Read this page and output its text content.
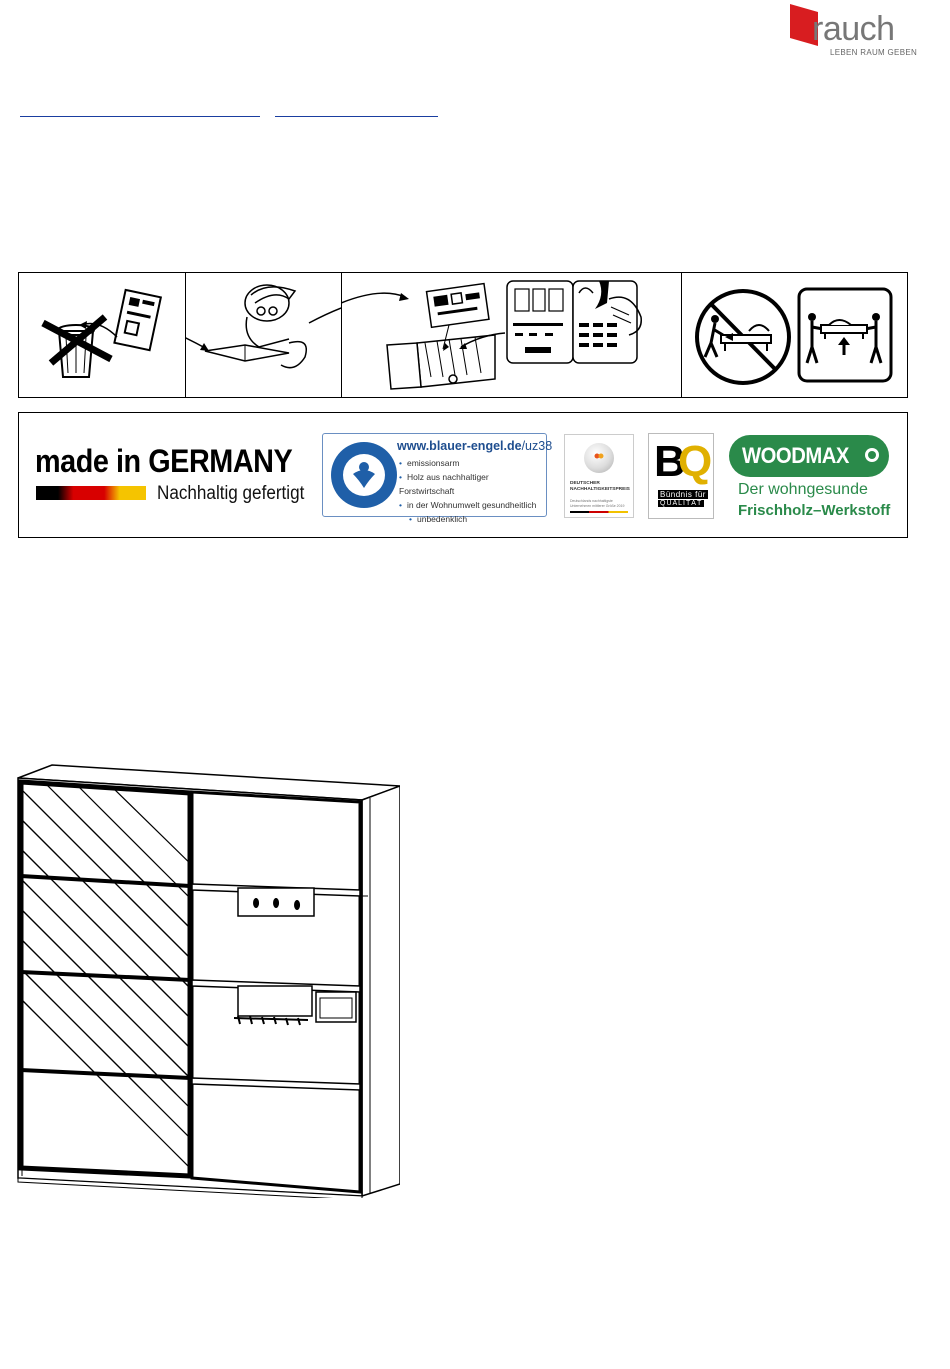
rauch
LEBEN RAUM GEBEN
made in GERMANY
Nachhaltig gefertigt
www.blauer-engel.de/uz38
• emissionsarm
• Holz aus nachhaltiger Forstwirtschaft
• in der Wohnumwelt gesundheitlich
• unbedenklich
DEUTSCHER
NACHHALTIGKEITSPREIS
Deutschlands nachhaltigste
Unternehmen mittlerer Größe 2019
B
Q
Bündnis für
QUALITÄT
WOODMAX
Der wohngesunde
Frischholz–Werkstoff
